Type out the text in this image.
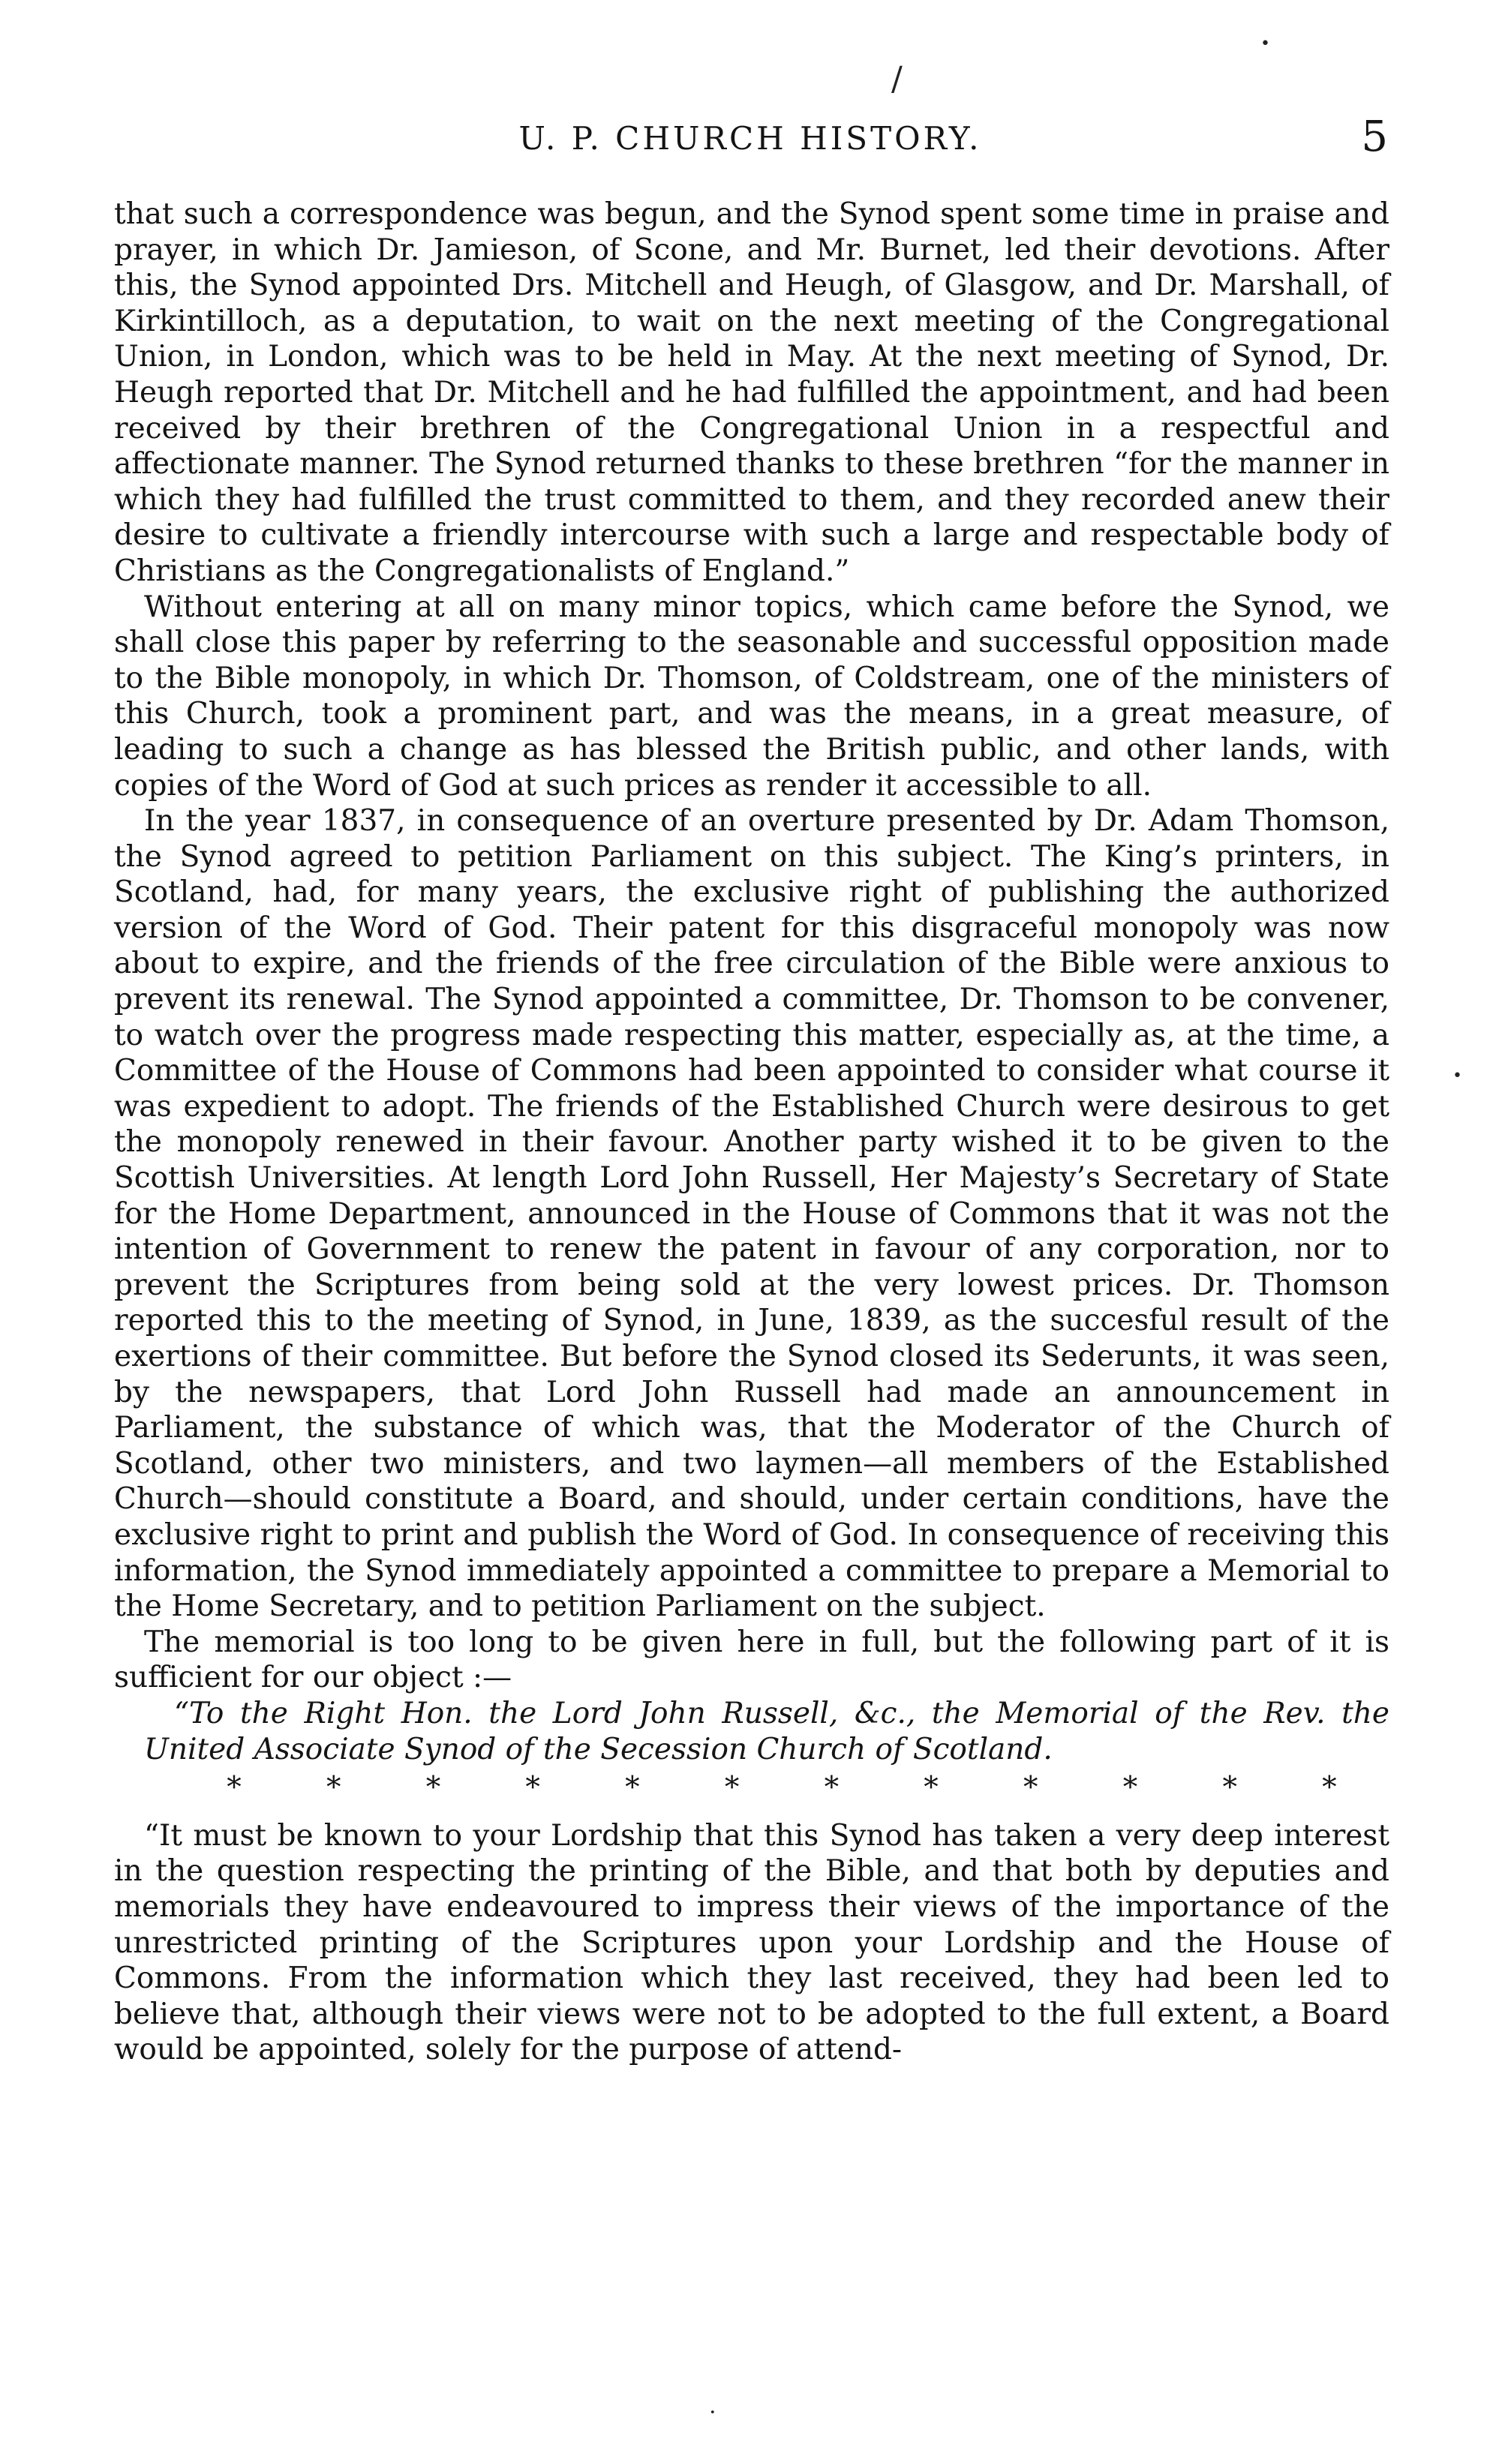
/
•
•
.
U. P. CHURCH HISTORY.	5

that such a correspondence was begun, and the Synod spent some time in praise and prayer, in which Dr. Jamieson, of Scone, and Mr. Burnet, led their devotions. After this, the Synod appointed Drs. Mitchell and Heugh, of Glasgow, and Dr. Marshall, of Kirkintilloch, as a deputation, to wait on the next meeting of the Congregational Union, in London, which was to be held in May. At the next meeting of Synod, Dr. Heugh reported that Dr. Mitchell and he had fulfilled the appointment, and had been received by their brethren of the Congregational Union in a respectful and affectionate manner. The Synod returned thanks to these brethren “for the manner in which they had fulfilled the trust committed to them, and they recorded anew their desire to cultivate a friendly intercourse with such a large and respectable body of Christians as the Congregationalists of England.”

Without entering at all on many minor topics, which came before the Synod, we shall close this paper by referring to the seasonable and successful opposition made to the Bible monopoly, in which Dr. Thomson, of Coldstream, one of the ministers of this Church, took a prominent part, and was the means, in a great measure, of leading to such a change as has blessed the British public, and other lands, with copies of the Word of God at such prices as render it accessible to all.

In the year 1837, in consequence of an overture presented by Dr. Adam Thomson, the Synod agreed to petition Parliament on this subject. The King’s printers, in Scotland, had, for many years, the exclusive right of publishing the authorized version of the Word of God. Their patent for this disgraceful monopoly was now about to expire, and the friends of the free circulation of the Bible were anxious to prevent its renewal. The Synod appointed a committee, Dr. Thomson to be convener, to watch over the progress made respecting this matter, especially as, at the time, a Committee of the House of Commons had been appointed to consider what course it was expedient to adopt. The friends of the Established Church were desirous to get the monopoly renewed in their favour. Another party wished it to be given to the Scottish Universities. At length Lord John Russell, Her Majesty’s Secretary of State for the Home Department, announced in the House of Commons that it was not the intention of Government to renew the patent in favour of any corporation, nor to prevent the Scriptures from being sold at the very lowest prices. Dr. Thomson reported this to the meeting of Synod, in June, 1839, as the succesful result of the exertions of their committee. But before the Synod closed its Sederunts, it was seen, by the newspapers, that Lord John Russell had made an announcement in Parliament, the substance of which was, that the Moderator of the Church of Scotland, other two ministers, and two laymen—all members of the Established Church—should constitute a Board, and should, under certain conditions, have the exclusive right to print and publish the Word of God. In consequence of receiving this information, the Synod immediately appointed a committee to prepare a Memorial to the Home Secretary, and to petition Parliament on the subject.

The memorial is too long to be given here in full, but the following part of it is sufficient for our object :—

“To the Right Hon. the Lord John Russell, &c., the Memorial of the Rev. the United Associate Synod of the Secession Church of Scotland.

*	*	*	*	*	*	*	*	*	*	*	*

“It must be known to your Lordship that this Synod has taken a very deep interest in the question respecting the printing of the Bible, and that both by deputies and memorials they have endeavoured to impress their views of the importance of the unrestricted printing of the Scriptures upon your Lordship and the House of Commons. From the information which they last received, they had been led to believe that, although their views were not to be adopted to the full extent, a Board would be appointed, solely for the purpose of attend-
